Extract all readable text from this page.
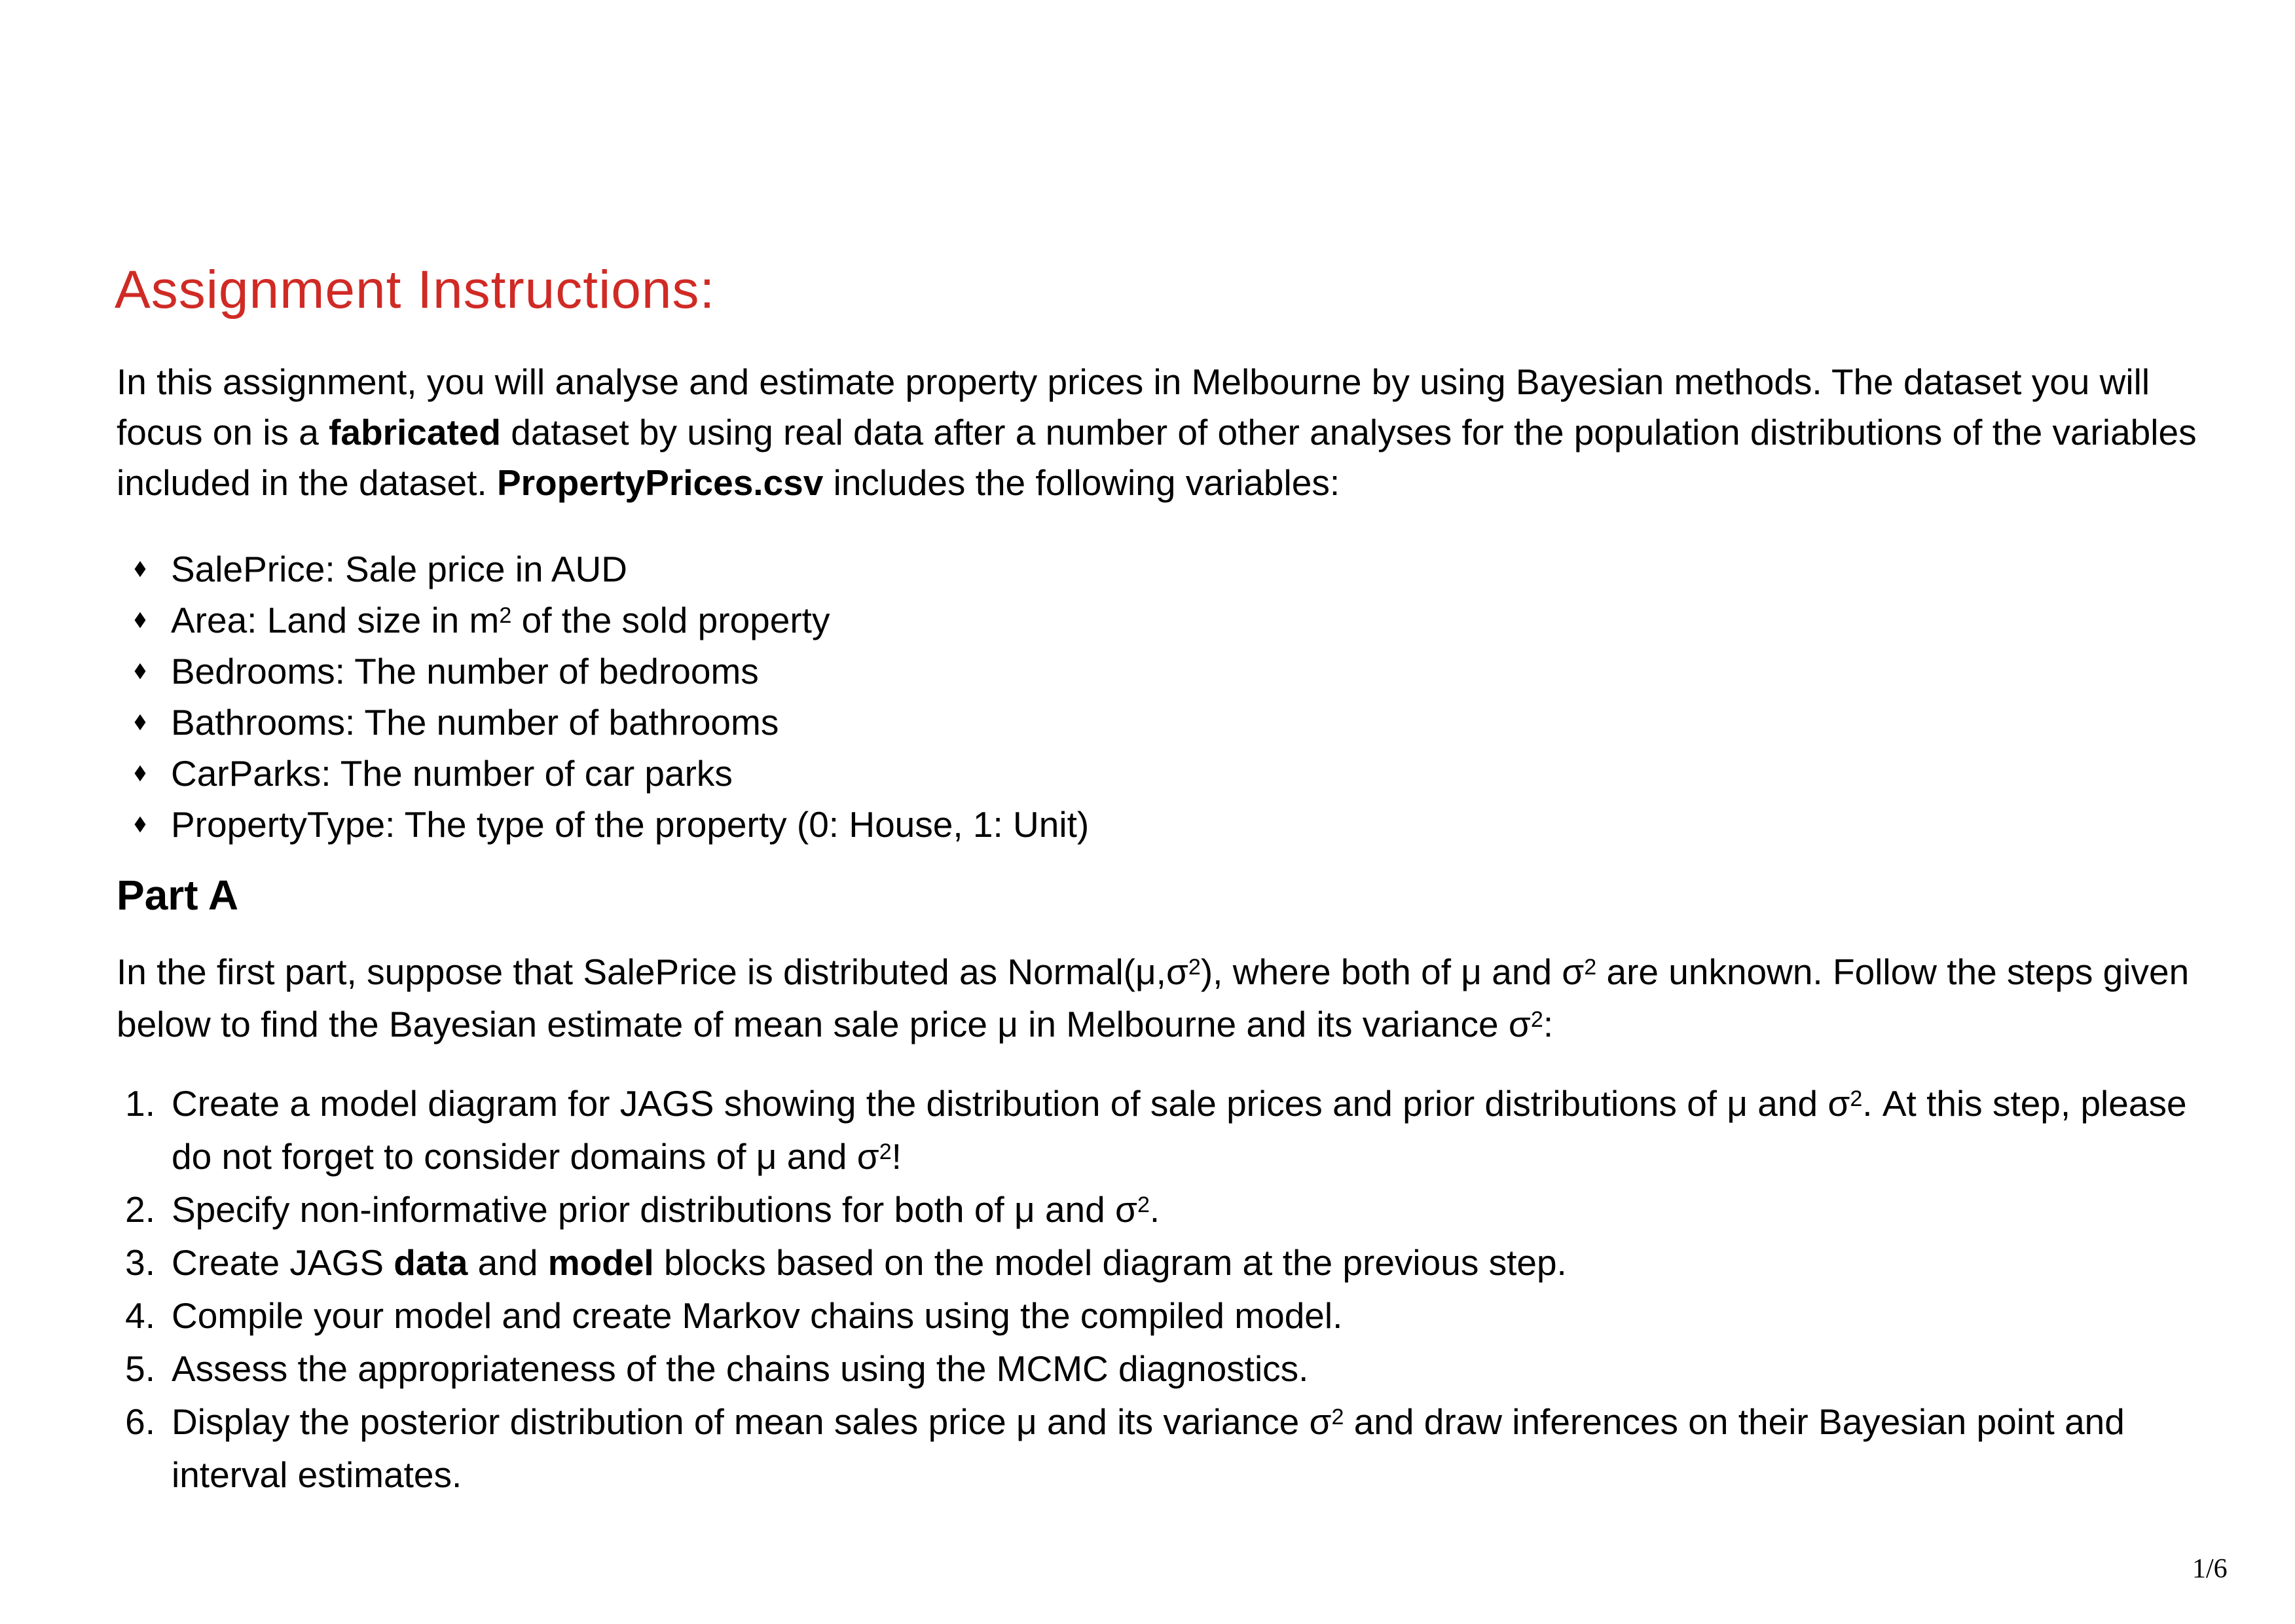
Assignment Instructions:
In this assignment, you will analyse and estimate property prices in Melbourne by using Bayesian methods. The dataset you will
focus on is a fabricated dataset by using real data after a number of other analyses for the population distributions of the variables
included in the dataset. PropertyPrices.csv includes the following variables:
SalePrice: Sale price in AUD
Area: Land size in $m^2$ of the sold property
Bedrooms: The number of bedrooms
Bathrooms: The number of bathrooms
CarParks: The number of car parks
PropertyType: The type of the property (0: House, 1: Unit)
Part A
In the first part, suppose that SalePrice is distributed as $Normal(\mu,\sigma^2)$, where both of μ and $\sigma^2$ are unknown. Follow the steps given
below to find the Bayesian estimate of mean sale price μ in Melbourne and its variance $\sigma^2$:
1. Create a model diagram for JAGS showing the distribution of sale prices and prior distributions of μ and $\sigma^2$. At this step, please
do not forget to consider domains of μ and $\sigma^2$!
2. Specify non-informative prior distributions for both of μ and $\sigma^2$.
3. Create JAGS data and model blocks based on the model diagram at the previous step.
4. Compile your model and create Markov chains using the compiled model.
5. Assess the appropriateness of the chains using the MCMC diagnostics.
6. Display the posterior distribution of mean sales price μ and its variance $\sigma^2$ and draw inferences on their Bayesian point and
interval estimates.
1/6
